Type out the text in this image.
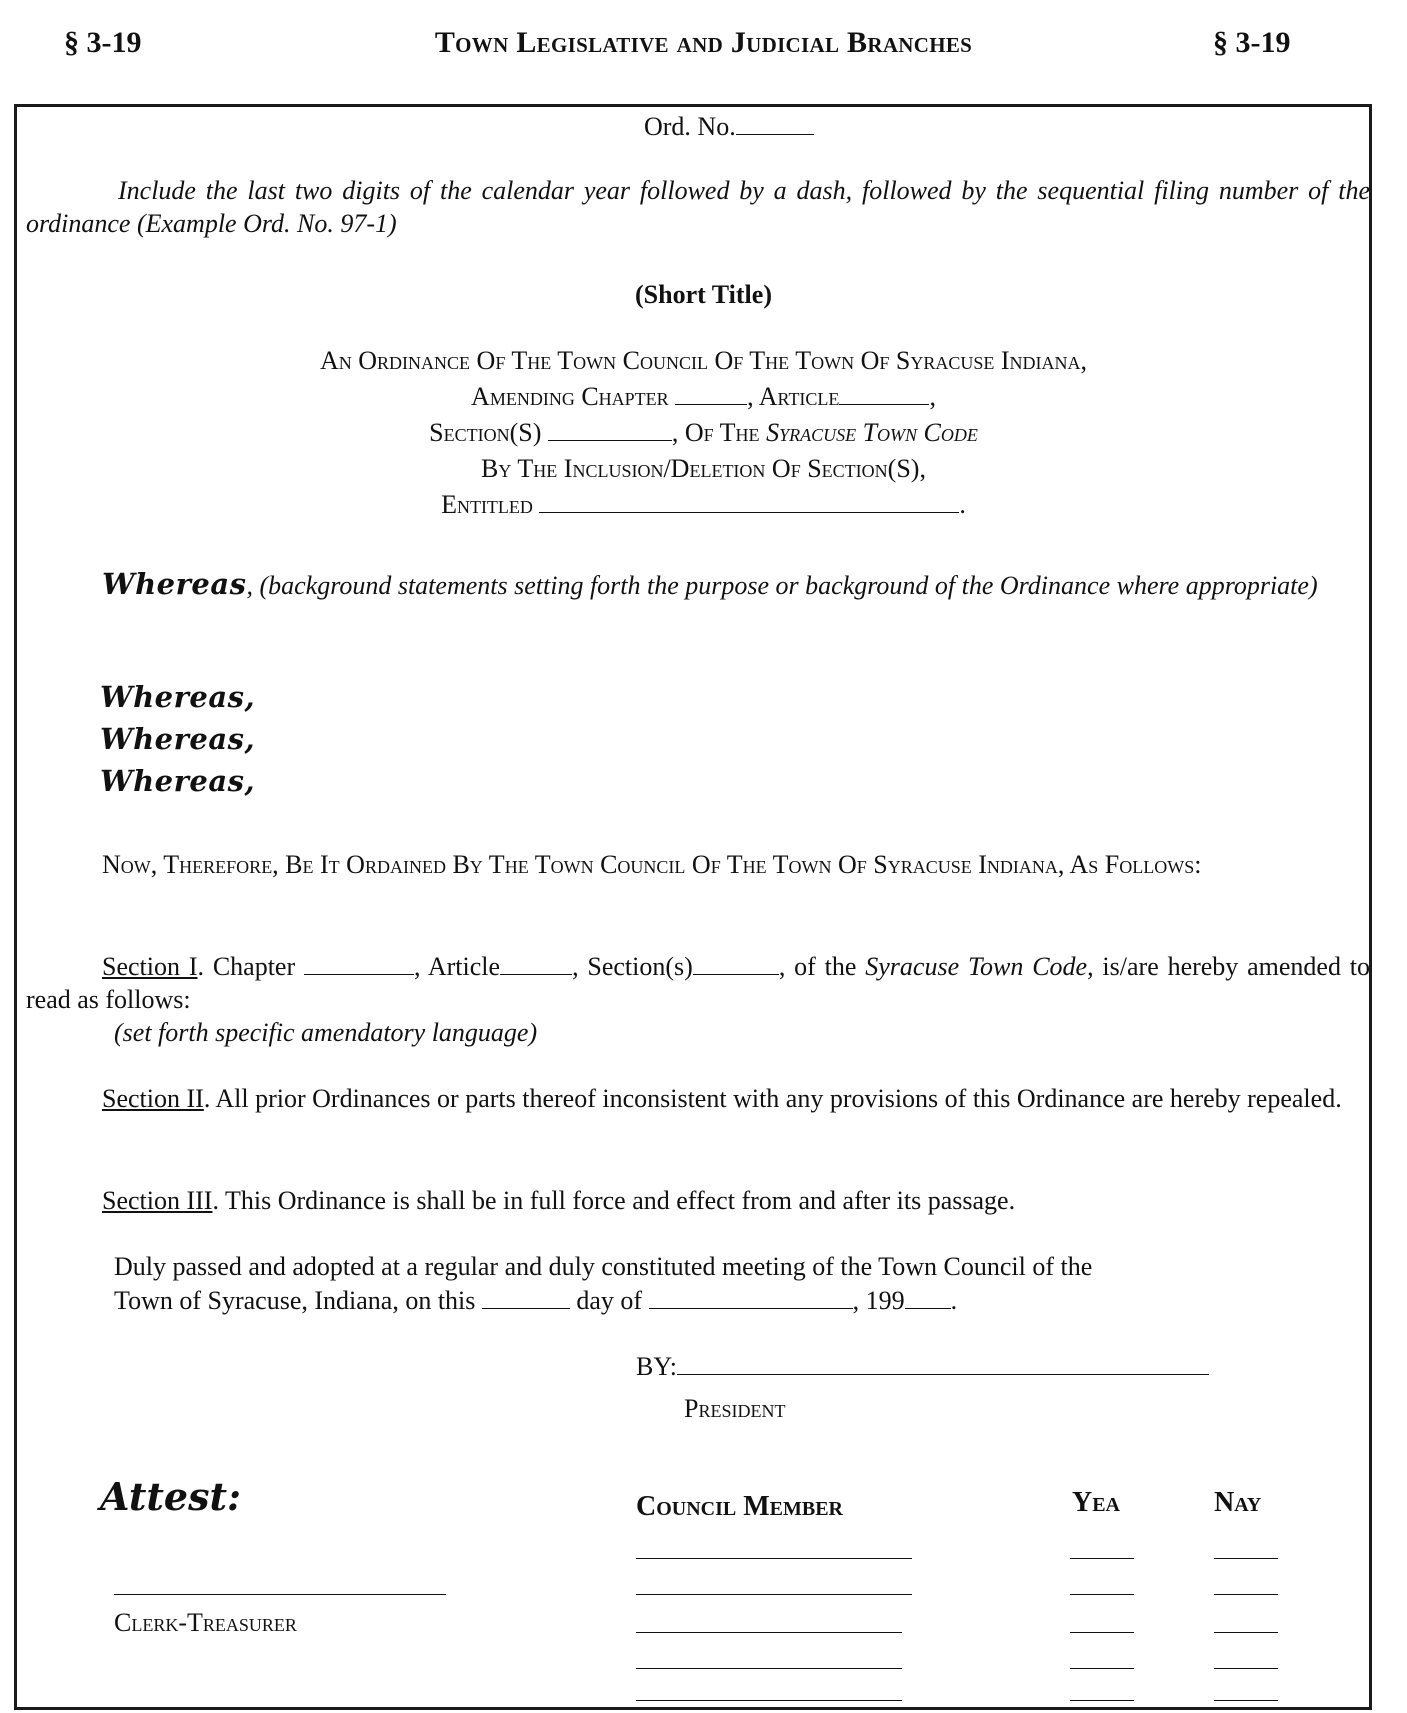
§ 3-19	Town Legislative and Judicial Branches	§ 3-19
Ord. No.
Include the last two digits of the calendar year followed by a dash, followed by the sequential filing number of the ordinance (Example Ord. No. 97-1)
(Short Title)
An Ordinance Of The Town Council Of The Town Of Syracuse Indiana,
Amending Chapter	, Article	,
Section(S)	, Of The Syracuse Town Code
By The Inclusion/Deletion Of Section(S),
Entitled	.
Whereas, (background statements setting forth the purpose or background of the Ordinance where appropriate)
Whereas,
Whereas,
Whereas,
Now, Therefore, Be It Ordained By The Town Council Of The Town Of Syracuse Indiana, As Follows:
Section I. Chapter	, Article	, Section(s)	, of the Syracuse Town Code, is/are hereby amended to read as follows:
(set forth specific amendatory language)
Section II. All prior Ordinances or parts thereof inconsistent with any provisions of this Ordinance are hereby repealed.
Section III. This Ordinance is shall be in full force and effect from and after its passage.
Duly passed and adopted at a regular and duly constituted meeting of the Town Council of the
Town of Syracuse, Indiana, on this	day of	, 199 .
BY:
President
Attest:
Clerk-Treasurer
Council Member	Yea	Nay
